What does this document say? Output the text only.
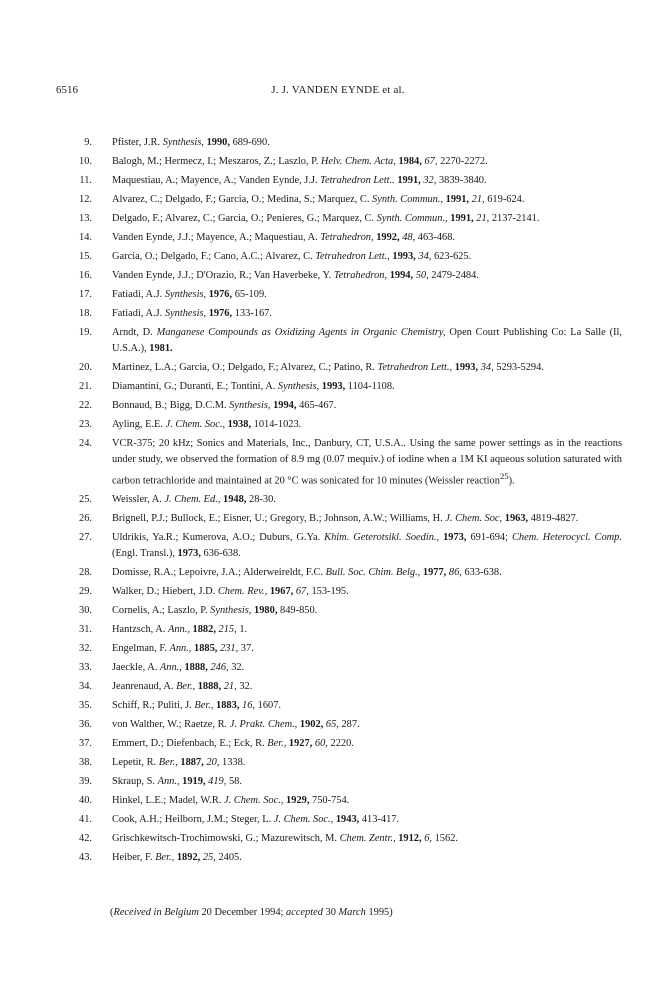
6516	J. J. VANDEN EYNDE et al.
9. Pfister, J.R. Synthesis, 1990, 689-690.
10. Balogh, M.; Hermecz, I.; Meszaros, Z.; Laszlo, P. Helv. Chem. Acta, 1984, 67, 2270-2272.
11. Maquestiau, A.; Mayence, A.; Vanden Eynde, J.J. Tetrahedron Lett.. 1991, 32, 3839-3840.
12. Alvarez, C.; Delgado, F.; Garcia, O.; Medina, S.; Marquez, C. Synth. Commun., 1991, 21, 619-624.
13. Delgado, F.; Alvarez, C.; Garcia, O.; Penieres, G.; Marquez, C. Synth. Commun., 1991, 21, 2137-2141.
14. Vanden Eynde, J.J.; Mayence, A.; Maquestiau, A. Tetrahedron, 1992, 48, 463-468.
15. Garcia, O.; Delgado, F.; Cano, A.C.; Alvarez, C. Tetrahedron Lett., 1993, 34, 623-625.
16. Vanden Eynde, J.J.; D'Orazio, R.; Van Haverbeke, Y. Tetrahedron, 1994, 50, 2479-2484.
17. Fatiadi, A.J. Synthesis, 1976, 65-109.
18. Fatiadi, A.J. Synthesis, 1976, 133-167.
19. Arndt, D. Manganese Compounds as Oxidizing Agents in Organic Chemistry, Open Court Publishing Co: La Salle (Il, U.S.A.), 1981.
20. Martinez, L.A.; Garcia, O.; Delgado, F.; Alvarez, C.; Patino, R. Tetrahedron Lett., 1993, 34, 5293-5294.
21. Diamantini, G.; Duranti, E.; Tontini, A. Synthesis, 1993, 1104-1108.
22. Bonnaud, B.; Bigg, D.C.M. Synthesis, 1994, 465-467.
23. Ayling, E.E. J. Chem. Soc., 1938, 1014-1023.
24. VCR-375; 20 kHz; Sonics and Materials, Inc., Danbury, CT, U.S.A.. Using the same power settings as in the reactions under study, we observed the formation of 8.9 mg (0.07 mequiv.) of iodine when a 1M KI aqueous solution saturated with carbon tetrachloride and maintained at 20 °C was sonicated for 10 minutes (Weissler reaction$^{25}$).
25. Weissler, A. J. Chem. Ed., 1948, 28-30.
26. Brignell, P.J.; Bullock, E.; Eisner, U.; Gregory, B.; Johnson, A.W.; Williams, H. J. Chem. Soc, 1963, 4819-4827.
27. Uldrikis, Ya.R.; Kumerova, A.O.; Duburs, G.Ya. Khim. Geterotsikl. Soedin., 1973, 691-694; Chem. Heterocycl. Comp. (Engl. Transl.), 1973, 636-638.
28. Domisse, R.A.; Lepoivre, J.A.; Alderweireldt, F.C. Bull. Soc. Chim. Belg., 1977, 86, 633-638.
29. Walker, D.; Hiebert, J.D. Chem. Rev., 1967, 67, 153-195.
30. Cornelis, A.; Laszlo, P. Synthesis, 1980, 849-850.
31. Hantzsch, A. Ann., 1882, 215, 1.
32. Engelman, F. Ann., 1885, 231, 37.
33. Jaeckle, A. Ann., 1888, 246, 32.
34. Jeanrenaud, A. Ber., 1888, 21, 32.
35. Schiff, R.; Puliti, J. Ber., 1883, 16, 1607.
36. von Walther, W.; Raetze, R. J. Prakt. Chem., 1902, 65, 287.
37. Emmert, D.; Diefenbach, E.; Eck, R. Ber., 1927, 60, 2220.
38. Lepetit, R. Ber., 1887, 20, 1338.
39. Skraup, S. Ann., 1919, 419, 58.
40. Hinkel, L.E.; Madel, W.R. J. Chem. Soc., 1929, 750-754.
41. Cook, A.H.; Heilborn, J.M.; Steger, L. J. Chem. Soc., 1943, 413-417.
42. Grischkewitsch-Trochimowski, G.; Mazurewitsch, M. Chem. Zentr., 1912, 6, 1562.
43. Heiber, F. Ber., 1892, 25, 2405.
(Received in Belgium 20 December 1994; accepted 30 March 1995)
